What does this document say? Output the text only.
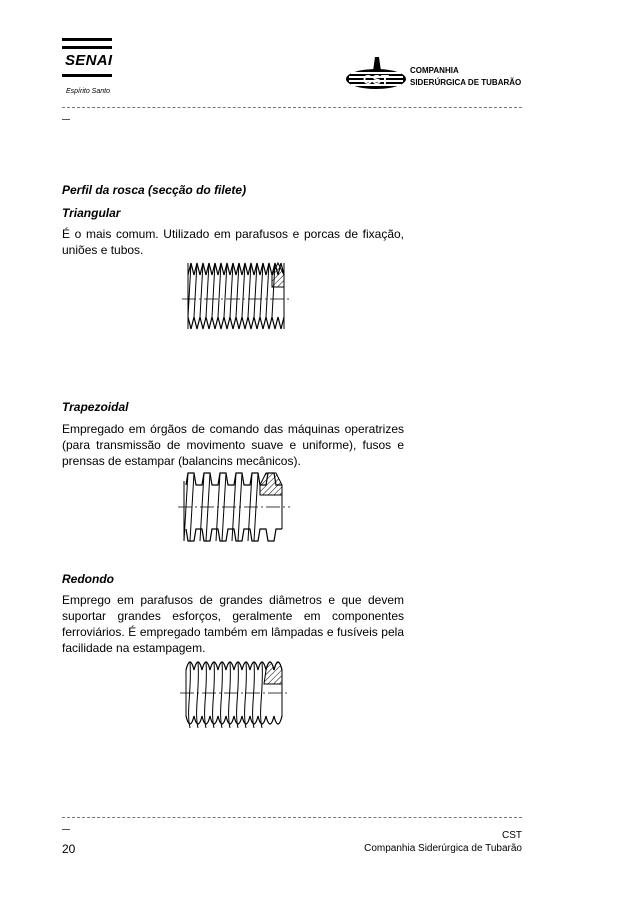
SENAI
Espírito Santo
CST
COMPANHIA
SIDERÚRGICA DE TUBARÃO
Perfil da rosca (secção do filete)
Triangular
É o mais comum. Utilizado em parafusos e porcas de fixação,
uniões e tubos.
Trapezoidal
Empregado em órgãos de comando das máquinas operatrizes
(para transmissão de movimento suave e uniforme), fusos e
prensas de estampar (balancins mecânicos).
Redondo
Emprego em parafusos de grandes diâmetros e que devem
suportar grandes esforços, geralmente em componentes
ferroviários. É empregado também em lâmpadas e fusíveis pela
facilidade na estampagem.
CST
Companhia Siderúrgica de Tubarão
20
